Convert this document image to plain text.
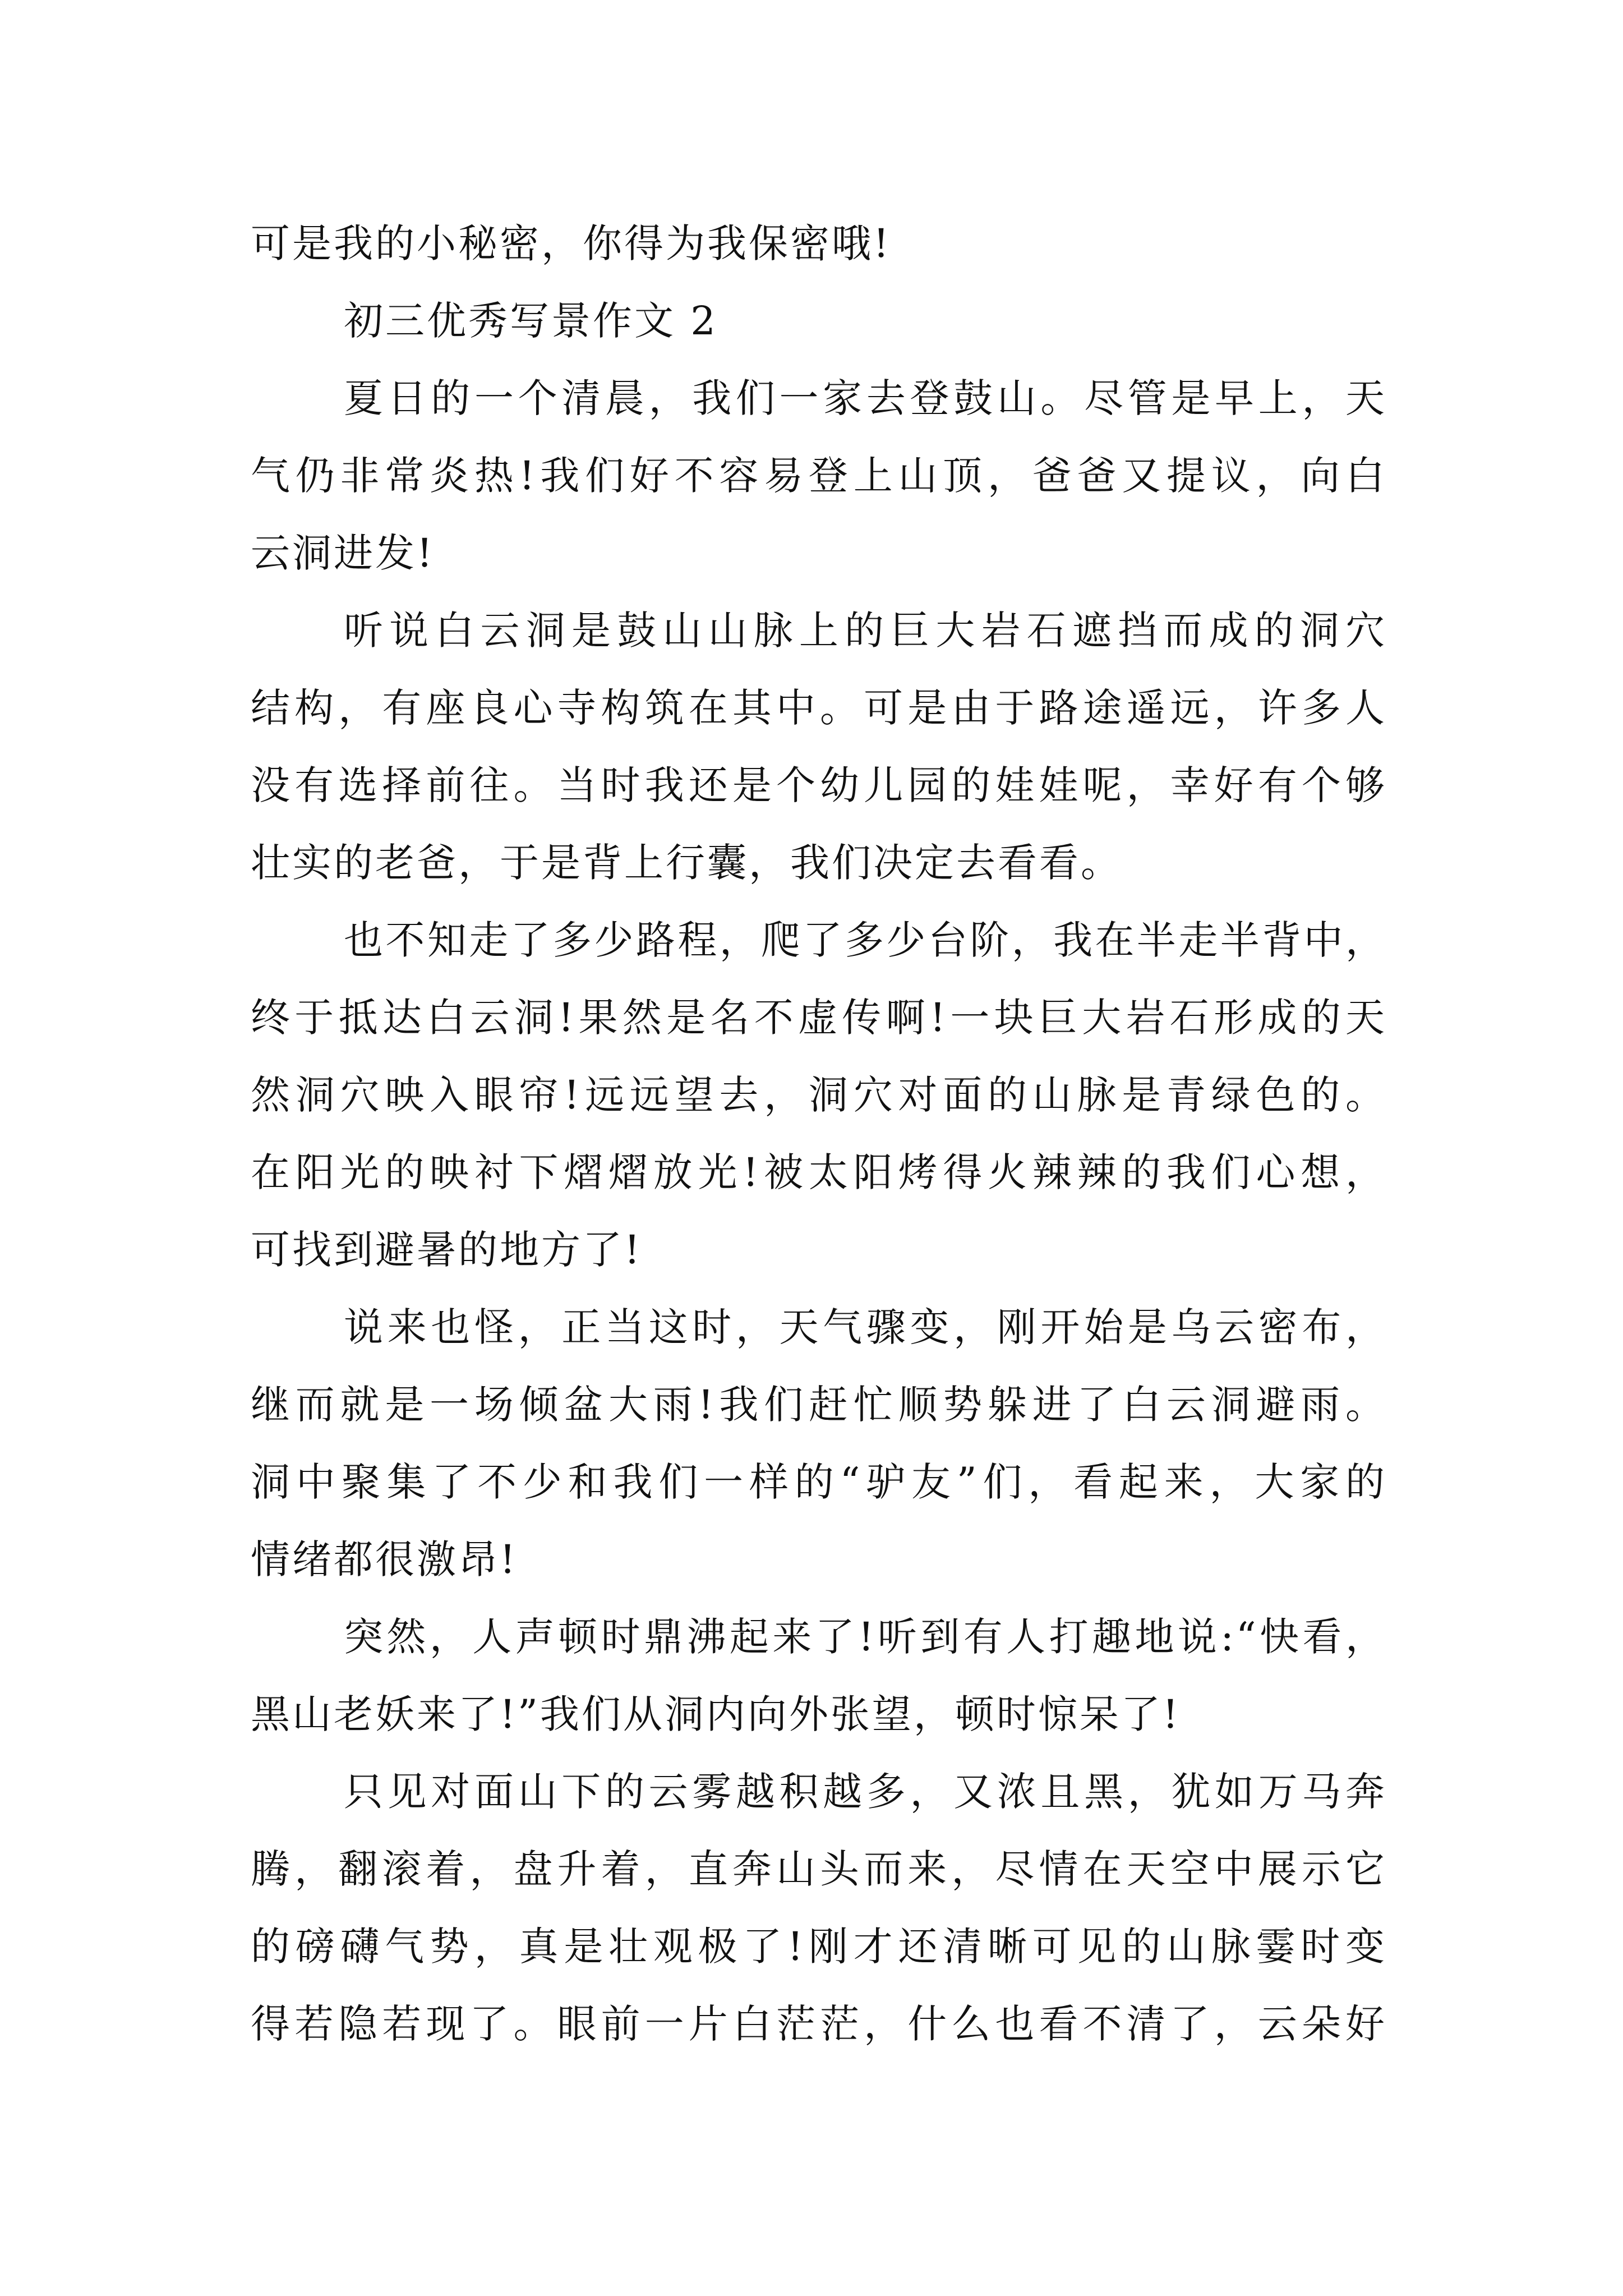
可是我的小秘密，你得为我保密哦!
初三优秀写景作文 2
夏日的一个清晨，我们一家去登鼓山。尽管是早上，天
气仍非常炎热!我们好不容易登上山顶，爸爸又提议，向白
云洞进发!
听说白云洞是鼓山山脉上的巨大岩石遮挡而成的洞穴
结构，有座良心寺构筑在其中。可是由于路途遥远，许多人
没有选择前往。当时我还是个幼儿园的娃娃呢，幸好有个够
壮实的老爸，于是背上行囊，我们决定去看看。
也不知走了多少路程，爬了多少台阶，我在半走半背中，
终于抵达白云洞!果然是名不虚传啊!一块巨大岩石形成的天
然洞穴映入眼帘!远远望去，洞穴对面的山脉是青绿色的。
在阳光的映衬下熠熠放光!被太阳烤得火辣辣的我们心想，
可找到避暑的地方了!
说来也怪，正当这时，天气骤变，刚开始是乌云密布，
继而就是一场倾盆大雨!我们赶忙顺势躲进了白云洞避雨。
洞中聚集了不少和我们一样的“驴友”们，看起来，大家的
情绪都很激昂!
突然，人声顿时鼎沸起来了!听到有人打趣地说:“快看，
黑山老妖来了!”我们从洞内向外张望，顿时惊呆了!
只见对面山下的云雾越积越多，又浓且黑，犹如万马奔
腾，翻滚着，盘升着，直奔山头而来，尽情在天空中展示它
的磅礴气势，真是壮观极了!刚才还清晰可见的山脉霎时变
得若隐若现了。眼前一片白茫茫，什么也看不清了，云朵好
